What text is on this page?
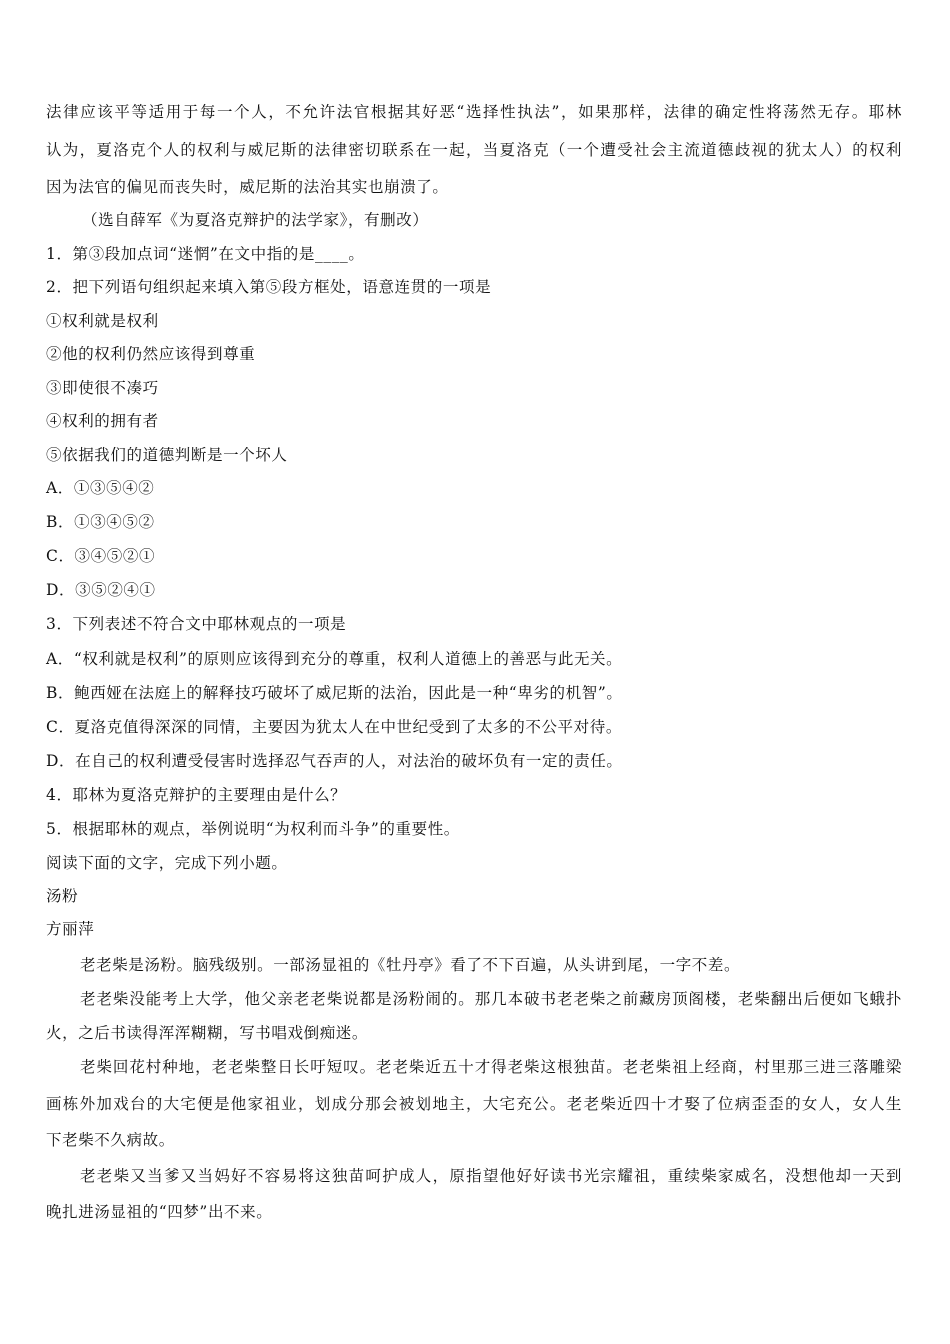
法律应该平等适用于每一个人，不允许法官根据其好恶“选择性执法”，如果那样，法律的确定性将荡然无存。耶林
认为，夏洛克个人的权利与威尼斯的法律密切联系在一起，当夏洛克（一个遭受社会主流道德歧视的犹太人）的权利
因为法官的偏见而丧失时，威尼斯的法治其实也崩溃了。
（选自薛军《为夏洛克辩护的法学家》，有删改）
1．第③段加点词“迷惘”在文中指的是____。
2．把下列语句组织起来填入第⑤段方框处，语意连贯的一项是
①权利就是权利
②他的权利仍然应该得到尊重
③即使很不凑巧
④权利的拥有者
⑤依据我们的道德判断是一个坏人
A．①③⑤④②
B．①③④⑤②
C．③④⑤②①
D．③⑤②④①
3．下列表述不符合文中耶林观点的一项是
A．“权利就是权利”的原则应该得到充分的尊重，权利人道德上的善恶与此无关。
B．鲍西娅在法庭上的解释技巧破坏了威尼斯的法治，因此是一种“卑劣的机智”。
C．夏洛克值得深深的同情，主要因为犹太人在中世纪受到了太多的不公平对待。
D．在自己的权利遭受侵害时选择忍气吞声的人，对法治的破坏负有一定的责任。
4．耶林为夏洛克辩护的主要理由是什么？
5．根据耶林的观点，举例说明“为权利而斗争”的重要性。
阅读下面的文字，完成下列小题。
汤粉
方丽萍
老老柴是汤粉。脑残级别。一部汤显祖的《牡丹亭》看了不下百遍，从头讲到尾，一字不差。
老老柴没能考上大学，他父亲老老柴说都是汤粉闹的。那几本破书老老柴之前藏房顶阁楼，老柴翻出后便如飞蛾扑
火，之后书读得浑浑糊糊，写书唱戏倒痴迷。
老柴回花村种地，老老柴整日长吁短叹。老老柴近五十才得老柴这根独苗。老老柴祖上经商，村里那三进三落雕梁
画栋外加戏台的大宅便是他家祖业，划成分那会被划地主，大宅充公。老老柴近四十才娶了位病歪歪的女人，女人生
下老柴不久病故。
老老柴又当爹又当妈好不容易将这独苗呵护成人，原指望他好好读书光宗耀祖，重续柴家威名，没想他却一天到
晚扎进汤显祖的“四梦”出不来。
